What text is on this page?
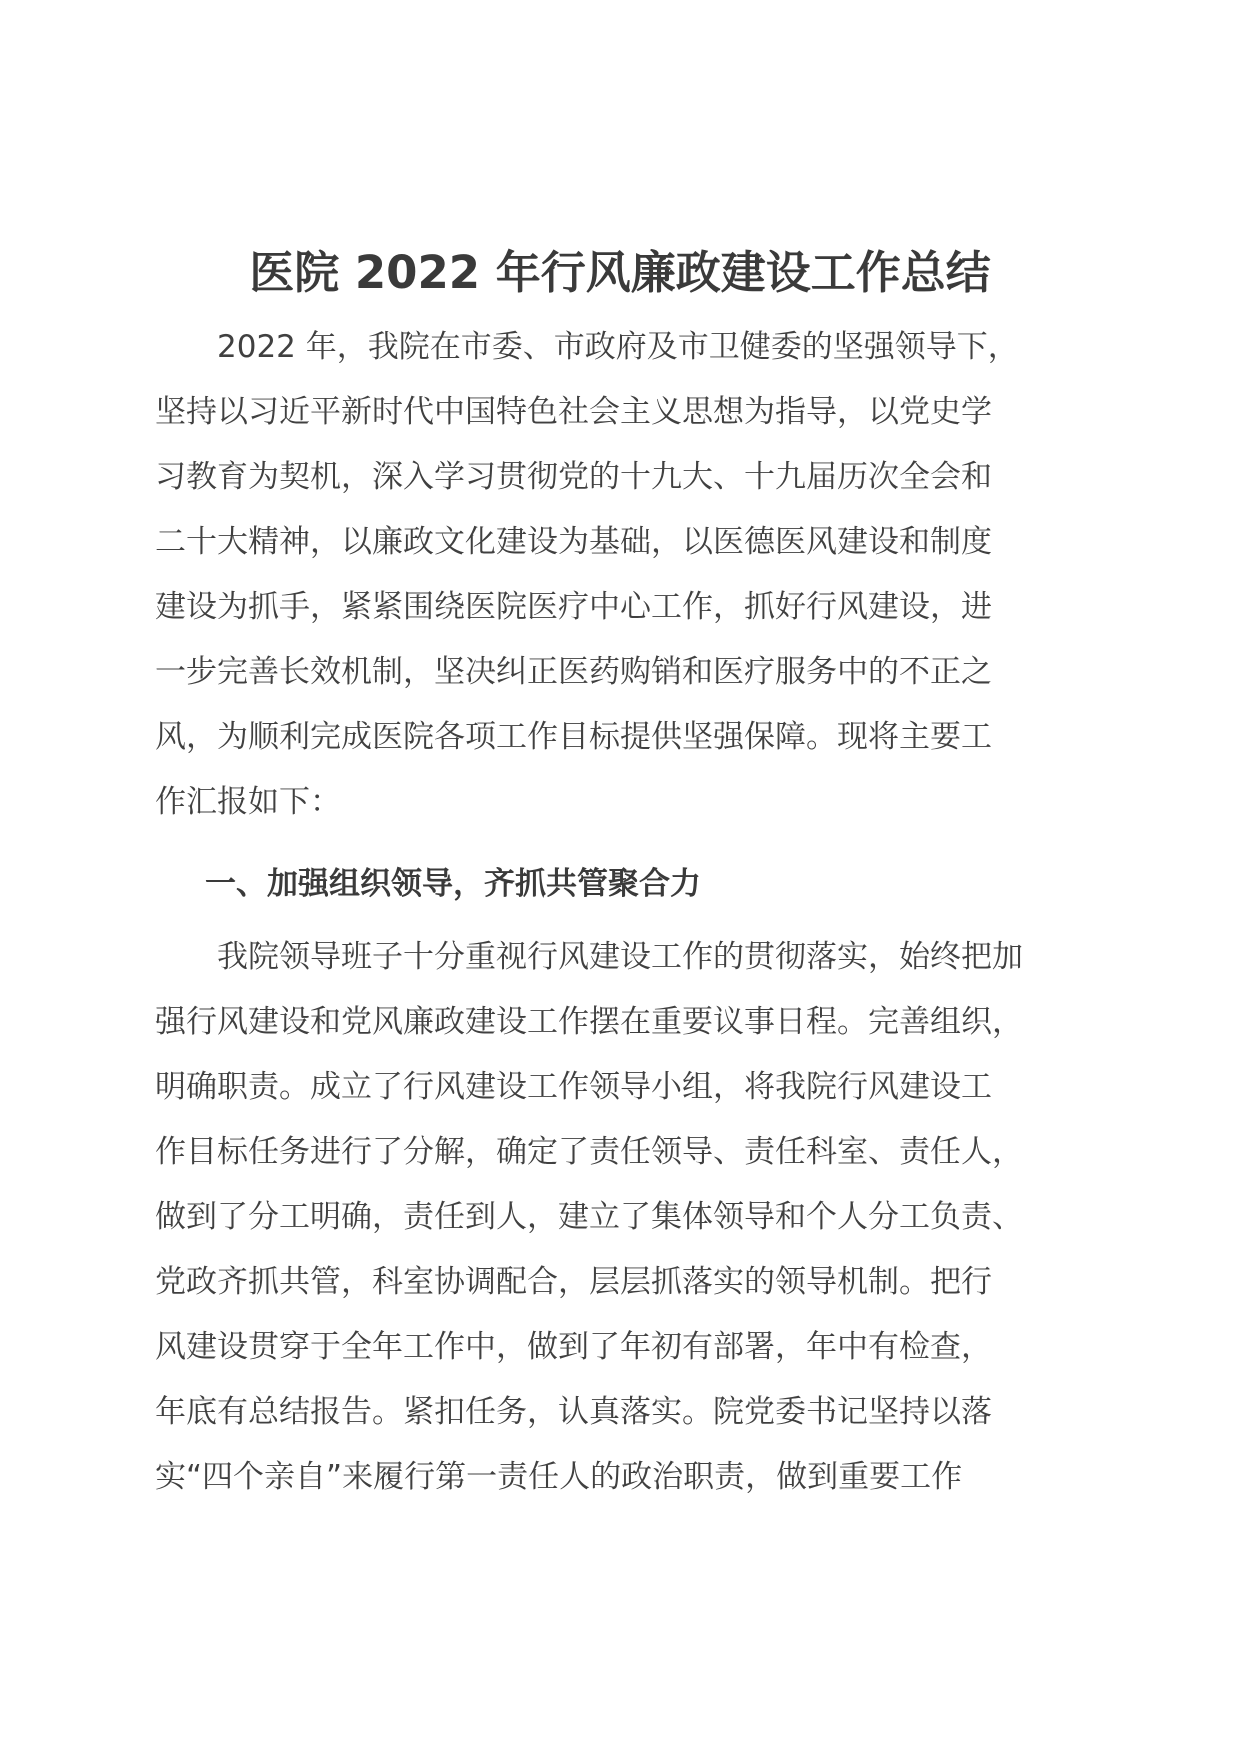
医院 2022 年行风廉政建设工作总结
2022 年，我院在市委、市政府及市卫健委的坚强领导下，
坚持以习近平新时代中国特色社会主义思想为指导，以党史学
习教育为契机，深入学习贯彻党的十九大、十九届历次全会和
二十大精神，以廉政文化建设为基础，以医德医风建设和制度
建设为抓手，紧紧围绕医院医疗中心工作，抓好行风建设，进
一步完善长效机制，坚决纠正医药购销和医疗服务中的不正之
风，为顺利完成医院各项工作目标提供坚强保障。现将主要工
作汇报如下：
一、加强组织领导，齐抓共管聚合力
我院领导班子十分重视行风建设工作的贯彻落实，始终把加
强行风建设和党风廉政建设工作摆在重要议事日程。完善组织，
明确职责。成立了行风建设工作领导小组，将我院行风建设工
作目标任务进行了分解，确定了责任领导、责任科室、责任人，
做到了分工明确，责任到人，建立了集体领导和个人分工负责、
党政齐抓共管，科室协调配合，层层抓落实的领导机制。把行
风建设贯穿于全年工作中，做到了年初有部署，年中有检查，
年底有总结报告。紧扣任务，认真落实。院党委书记坚持以落
实“四个亲自”来履行第一责任人的政治职责，做到重要工作
